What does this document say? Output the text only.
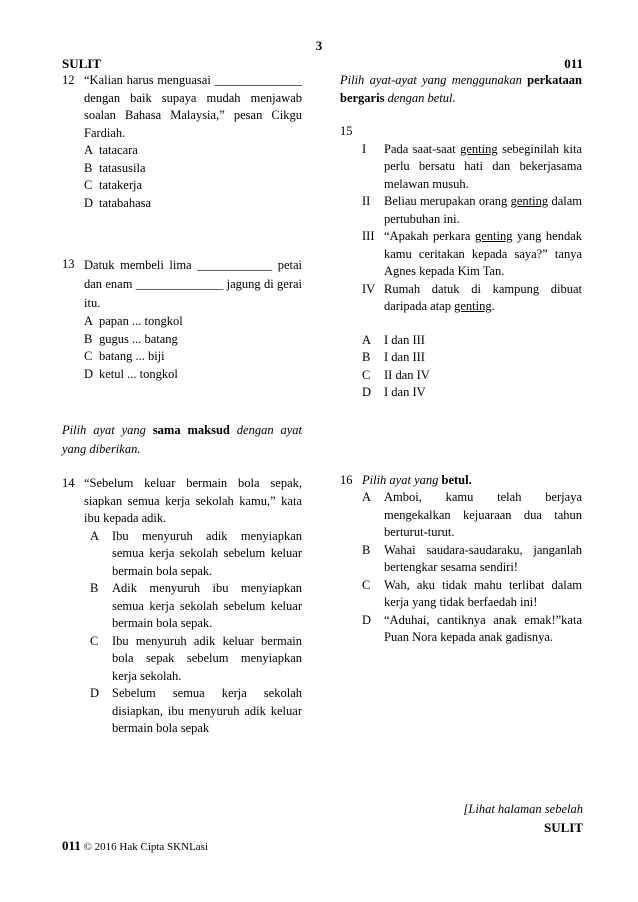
3
SULIT	011
12 “Kalian harus menguasai ______________ dengan baik supaya mudah menjawab soalan Bahasa Malaysia,” pesan Cikgu Fardiah.
A tatacara
B tatasusila
C tatakerja
D tatabahasa
13 Datuk membeli lima ____________ petai dan enam ______________ jagung di gerai itu.
A papan ... tongkol
B gugus ... batang
C batang ... biji
D ketul ... tongkol
Pilih ayat yang sama maksud dengan ayat yang diberikan.
14 “Sebelum keluar bermain bola sepak, siapkan semua kerja sekolah kamu,” kata ibu kepada adik.
A	Ibu menyuruh adik menyiapkan semua kerja sekolah sebelum keluar bermain bola sepak.
B	Adik menyuruh ibu menyiapkan semua kerja sekolah sebelum keluar bermain bola sepak.
C	Ibu menyuruh adik keluar bermain bola sepak sebelum menyiapkan kerja sekolah.
D	Sebelum semua kerja sekolah disiapkan, ibu menyuruh adik keluar bermain bola sepak
Pilih ayat-ayat yang menggunakan perkataan bergaris dengan betul.
15
I	Pada saat-saat genting sebeginilah kita perlu bersatu hati dan bekerjasama melawan musuh.
II	Beliau merupakan orang genting dalam pertubuhan ini.
III “Apakah perkara genting yang hendak kamu ceritakan kepada saya?” tanya Agnes kepada Kim Tan.
IV Rumah datuk di kampung dibuat daripada atap genting.
A	I dan III
B	I dan III
C	II dan IV
D	I dan IV
16 Pilih ayat yang betul.
A	Amboi, kamu telah berjaya mengekalkan kejuaraan dua tahun berturut-turut.
B	Wahai saudara-saudaraku, janganlah bertengkar sesama sendiri!
C	Wah, aku tidak mahu terlibat dalam kerja yang tidak berfaedah ini!
D	“Aduhai, cantiknya anak emak!”kata Puan Nora kepada anak gadisnya.
[Lihat halaman sebelah
SULIT
011 © 2016 Hak Cipta SKNLasi
